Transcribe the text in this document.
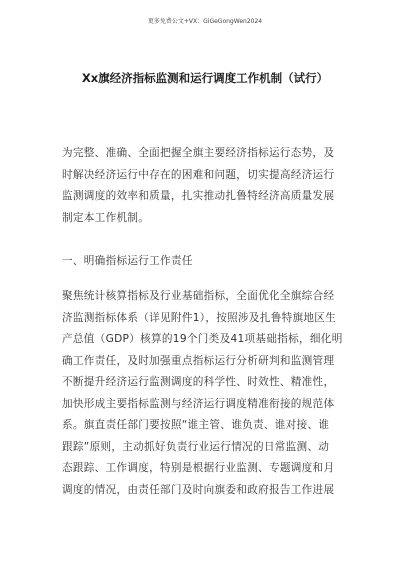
更多免费公文+VX：GiGeGongWen2024
Xx旗经济指标监测和运行调度工作机制（试行）
为完整、准确、全面把握全旗主要经济指标运行态势，及
时解决经济运行中存在的困难和问题，切实提高经济运行
监测调度的效率和质量，扎实推动扎鲁特经济高质量发展
制定本工作机制。
聚焦统计核算指标及行业基础指标，全面优化全旗综合经
济监测指标体系（详见附件1），按照涉及扎鲁特旗地区生
产总值（GDP）核算的19个门类及41项基础指标，细化明
确工作责任，及时加强重点指标运行分析研判和监测管理
不断提升经济运行监测调度的科学性、时效性、精准性，
加快形成主要指标监测与经济运行调度精准衔接的规范体
系。旗直责任部门要按照“谁主管、谁负责、谁对接、谁
跟踪”原则，主动抓好负责行业运行情况的日常监测、动
态跟踪、工作调度，特别是根据行业监测、专题调度和月
调度的情况，由责任部门及时向旗委和政府报告工作进展
一、明确指标运行工作责任
